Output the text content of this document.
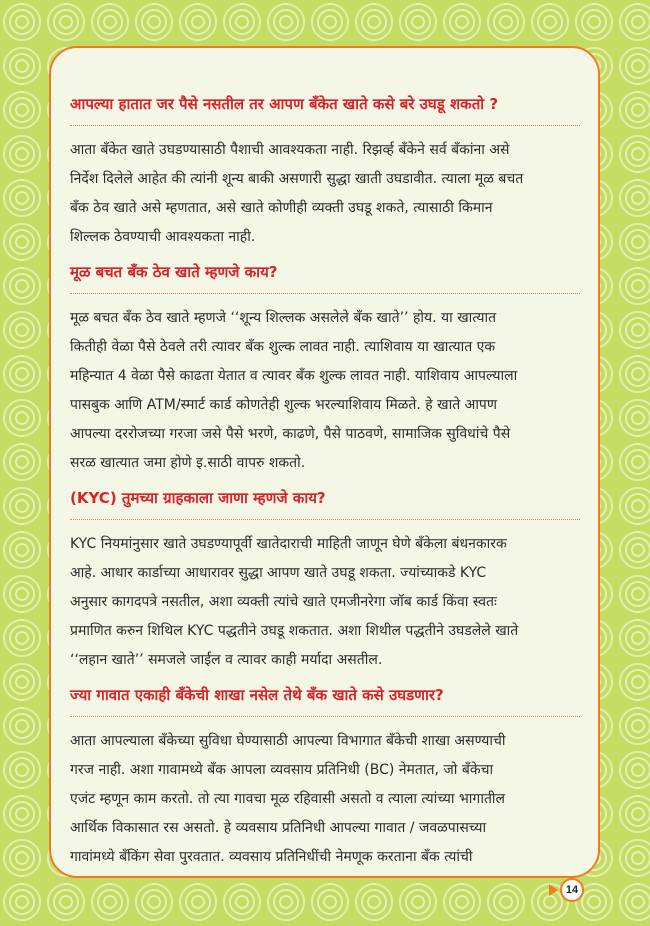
आपल्या हातात जर पैसे नसतील तर आपण बँकेत खाते कसे बरे उघडू शकतो ?

आता बँकेत खाते उघडण्यासाठी पैशाची आवश्यकता नाही. रिझर्व्ह बँकेने सर्व बँकांना असे
निर्देश दिलेले आहेत की त्यांनी शून्य बाकी असणारी सुद्धा खाती उघडावीत. त्याला मूळ बचत
बँक ठेव खाते असे म्हणतात, असे खाते कोणीही व्यक्ती उघडू शकते, त्यासाठी किमान
शिल्लक ठेवण्याची आवश्यकता नाही.

मूळ बचत बँक ठेव खाते म्हणजे काय?

मूळ बचत बँक ठेव खाते म्हणजे ‘‘शून्य शिल्लक असलेले बँक खाते’’ होय. या खात्यात
कितीही वेळा पैसे ठेवले तरी त्यावर बँक शुल्क लावत नाही. त्याशिवाय या खात्यात एक
महिन्यात 4 वेळा पैसे काढता येतात व त्यावर बँक शुल्क लावत नाही. याशिवाय आपल्याला
पासबुक आणि ATM/स्मार्ट कार्ड कोणतेही शुल्क भरल्याशिवाय मिळते. हे खाते आपण
आपल्या दररोजच्या गरजा जसे पैसे भरणे, काढणे, पैसे पाठवणे, सामाजिक सुविधांचे पैसे
सरळ खात्यात जमा होणे इ.साठी वापरु शकतो.

(KYC) तुमच्या ग्राहकाला जाणा म्हणजे काय?

KYC नियमांनुसार खाते उघडण्यापूर्वी खातेदाराची माहिती जाणून घेणे बँकेला बंधनकारक
आहे. आधार कार्डाच्या आधारावर सुद्धा आपण खाते उघडू शकता. ज्यांच्याकडे KYC
अनुसार कागदपत्रे नसतील, अशा व्यक्ती त्यांचे खाते एमजीनरेगा जॉब कार्ड किंवा स्वतः
प्रमाणित करुन शिथिल KYC पद्धतीने उघडू शकतात. अशा शिथील पद्धतीने उघडलेले खाते
‘‘लहान खाते’’ समजले जाईल व त्यावर काही मर्यादा असतील.

ज्या गावात एकाही बँकेची शाखा नसेल तेथे बँक खाते कसे उघडणार?

आता आपल्याला बँकेच्या सुविधा घेण्यासाठी आपल्या विभागात बँकेची शाखा असण्याची
गरज नाही. अशा गावामध्ये बँक आपला व्यवसाय प्रतिनिधी (BC) नेमतात, जो बँकेचा
एजंट म्हणून काम करतो. तो त्या गावचा मूळ रहिवासी असतो व त्याला त्यांच्या भागातील
आर्थिक विकासात रस असतो. हे व्यवसाय प्रतिनिधी आपल्या गावात / जवळपासच्या
गावांमध्ये बँकिंग सेवा पुरवतात. व्यवसाय प्रतिनिधींची नेमणूक करताना बँक त्यांची

14
